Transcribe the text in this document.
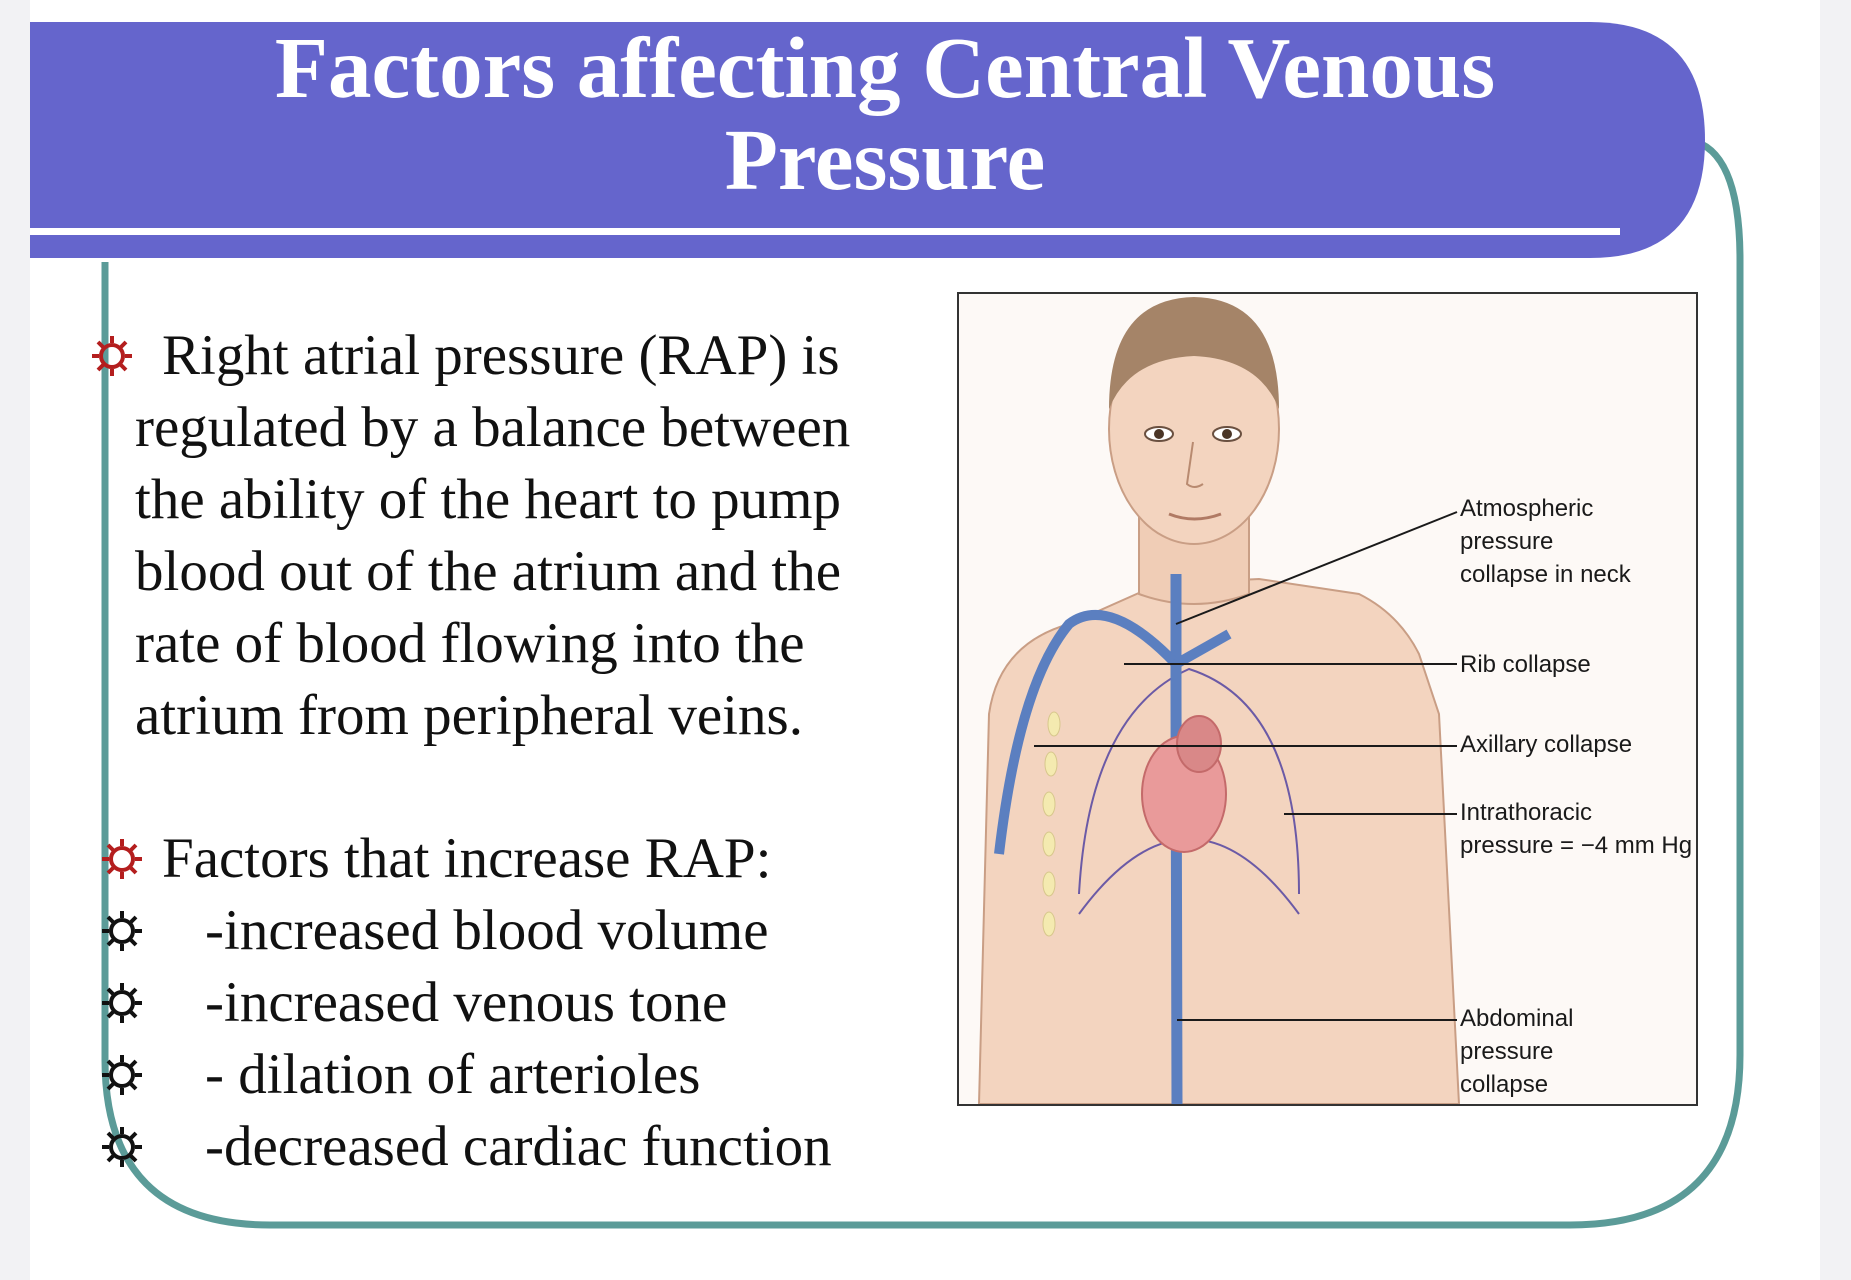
Factors affecting Central Venous
Pressure
Right atrial pressure (RAP) is
regulated by a balance between
the ability of the heart to pump
blood out of the atrium and the
rate of blood flowing into the
atrium from peripheral veins.
Factors that increase RAP:
-increased blood volume
-increased venous tone
- dilation of arterioles
-decreased cardiac function
Atmospheric
pressure
collapse in neck
Rib collapse
Axillary collapse
Intrathoracic
pressure = −4 mm Hg
Abdominal
pressure
collapse
